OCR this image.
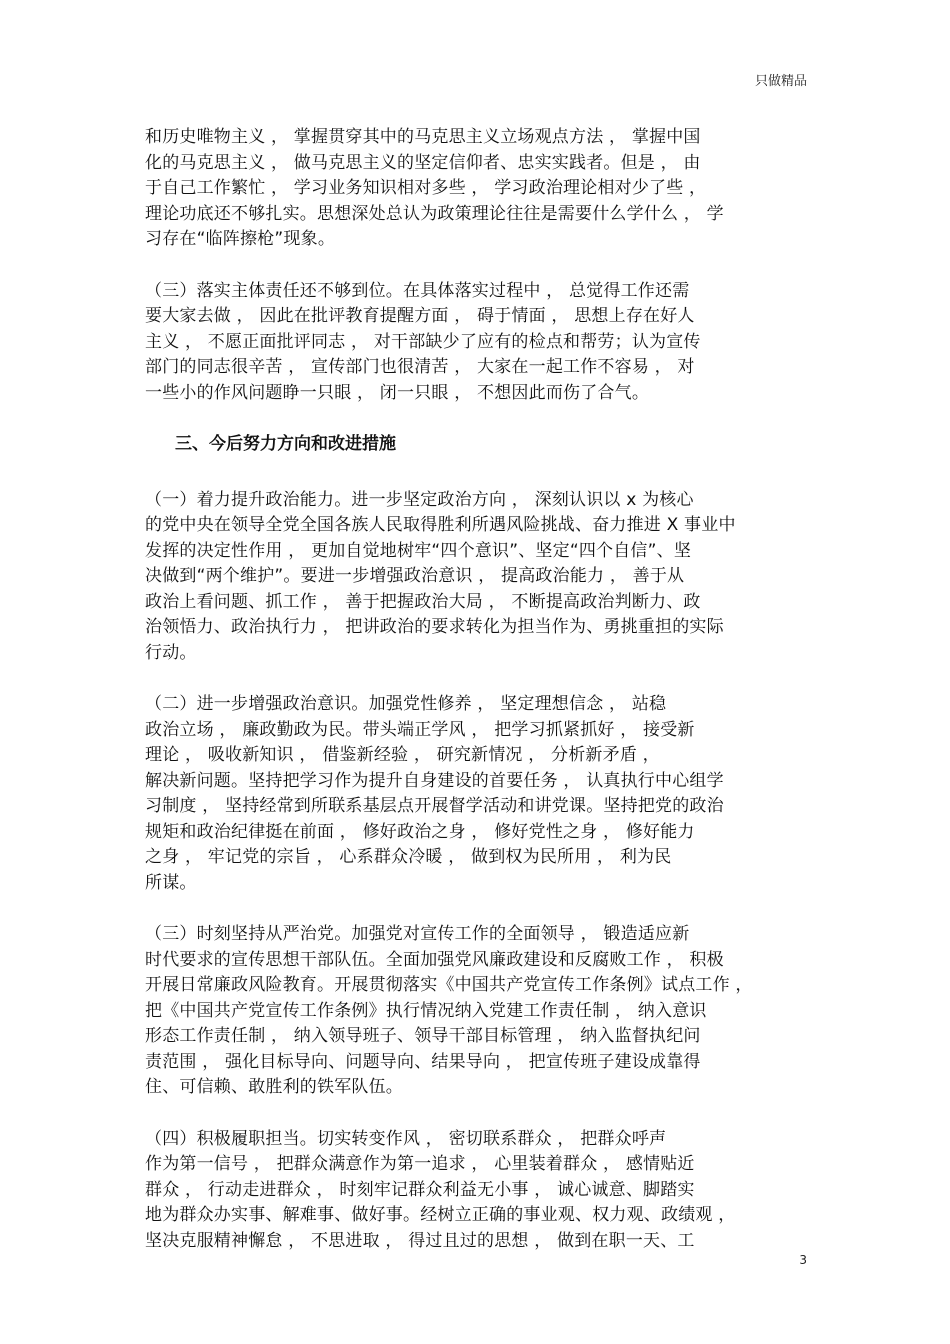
只做精品
和历史唯物主义 ， 掌握贯穿其中的马克思主义立场观点方法 ， 掌握中国
化的马克思主义 ， 做马克思主义的坚定信仰者、忠实实践者。但是 ， 由
于自己工作繁忙 ， 学习业务知识相对多些 ， 学习政治理论相对少了些 ，
理论功底还不够扎实。思想深处总认为政策理论往往是需要什么学什么 ， 学
习存在“临阵擦枪”现象。
（三）落实主体责任还不够到位。在具体落实过程中 ， 总觉得工作还需
要大家去做 ， 因此在批评教育提醒方面 ， 碍于情面 ， 思想上存在好人
主义 ， 不愿正面批评同志 ， 对干部缺少了应有的检点和帮劳；认为宣传
部门的同志很辛苦 ， 宣传部门也很清苦 ， 大家在一起工作不容易 ， 对
一些小的作风问题睁一只眼 ， 闭一只眼 ， 不想因此而伤了合气。
三、今后努力方向和改进措施
（一）着力提升政治能力。进一步坚定政治方向 ， 深刻认识以 x 为核心
的党中央在领导全党全国各族人民取得胜利所遇风险挑战、奋力推进 X 事业中
发挥的决定性作用 ， 更加自觉地树牢“四个意识”、坚定“四个自信”、坚
决做到“两个维护”。要进一步增强政治意识 ， 提高政治能力 ， 善于从
政治上看问题、抓工作 ， 善于把握政治大局 ， 不断提高政治判断力、政
治领悟力、政治执行力 ， 把讲政治的要求转化为担当作为、勇挑重担的实际
行动。
（二）进一步增强政治意识。加强党性修养 ， 坚定理想信念 ， 站稳
政治立场 ， 廉政勤政为民。带头端正学风 ， 把学习抓紧抓好 ， 接受新
理论 ， 吸收新知识 ， 借鉴新经验 ， 研究新情况 ， 分析新矛盾 ，
解决新问题。坚持把学习作为提升自身建设的首要任务 ， 认真执行中心组学
习制度 ， 坚持经常到所联系基层点开展督学活动和讲党课。坚持把党的政治
规矩和政治纪律挺在前面 ， 修好政治之身 ， 修好党性之身 ， 修好能力
之身 ， 牢记党的宗旨 ， 心系群众冷暖 ， 做到权为民所用 ， 利为民
所谋。
（三）时刻坚持从严治党。加强党对宣传工作的全面领导 ， 锻造适应新
时代要求的宣传思想干部队伍。全面加强党风廉政建设和反腐败工作 ， 积极
开展日常廉政风险教育。开展贯彻落实《中国共产党宣传工作条例》试点工作 ，
把《中国共产党宣传工作条例》执行情况纳入党建工作责任制 ， 纳入意识
形态工作责任制 ， 纳入领导班子、领导干部目标管理 ， 纳入监督执纪问
责范围 ， 强化目标导向、问题导向、结果导向 ， 把宣传班子建设成靠得
住、可信赖、敢胜利的铁军队伍。
（四）积极履职担当。切实转变作风 ， 密切联系群众 ， 把群众呼声
作为第一信号 ， 把群众满意作为第一追求 ， 心里装着群众 ， 感情贴近
群众 ， 行动走进群众 ， 时刻牢记群众利益无小事 ， 诚心诚意、脚踏实
地为群众办实事、解难事、做好事。经树立正确的事业观、权力观、政绩观 ，
坚决克服精神懈怠 ， 不思进取 ， 得过且过的思想 ， 做到在职一天、工
3
